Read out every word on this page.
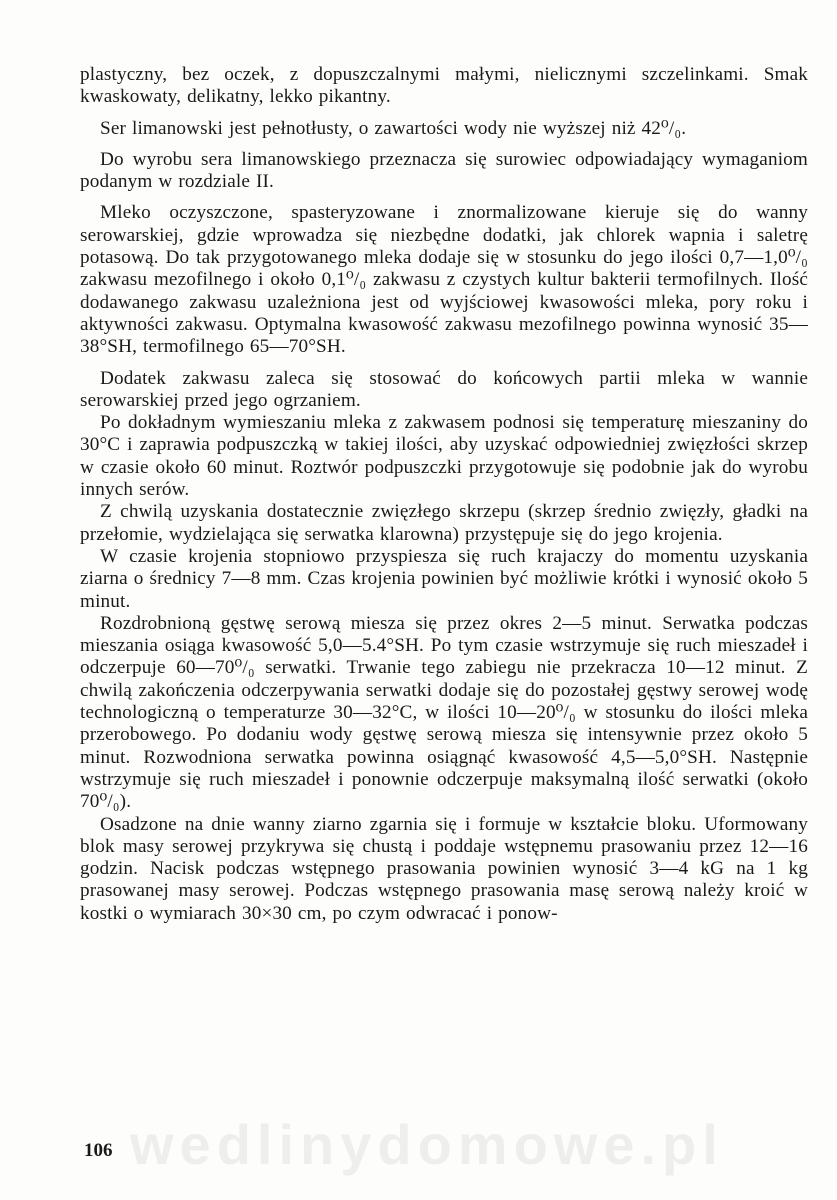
plastyczny, bez oczek, z dopuszczalnymi małymi, nielicznymi szczelinkami. Smak kwaskowaty, delikatny, lekko pikantny.

Ser limanowski jest pełnotłusty, o zawartości wody nie wyższej niż 42⁰/₀.

Do wyrobu sera limanowskiego przeznacza się surowiec odpowiadający wymaganiom podanym w rozdziale II.

Mleko oczyszczone, spasteryzowane i znormalizowane kieruje się do wanny serowarskiej, gdzie wprowadza się niezbędne dodatki, jak chlorek wapnia i saletrę potasową. Do tak przygotowanego mleka dodaje się w stosunku do jego ilości 0,7—1,0⁰/₀ zakwasu mezofilnego i około 0,1⁰/₀ zakwasu z czystych kultur bakterii termofilnych. Ilość dodawanego zakwasu uzależniona jest od wyjściowej kwasowości mleka, pory roku i aktywności zakwasu. Optymalna kwasowość zakwasu mezofilnego powinna wynosić 35—38°SH, termofilnego 65—70°SH.

Dodatek zakwasu zaleca się stosować do końcowych partii mleka w wannie serowarskiej przed jego ogrzaniem.

Po dokładnym wymieszaniu mleka z zakwasem podnosi się temperaturę mieszaniny do 30°C i zaprawia podpuszczką w takiej ilości, aby uzyskać odpowiedniej zwięzłości skrzep w czasie około 60 minut. Roztwór podpuszczki przygotowuje się podobnie jak do wyrobu innych serów.

Z chwilą uzyskania dostatecznie zwięzłego skrzepu (skrzep średnio zwięzły, gładki na przełomie, wydzielająca się serwatka klarowna) przystępuje się do jego krojenia.

W czasie krojenia stopniowo przyspiesza się ruch krajaczy do momentu uzyskania ziarna o średnicy 7—8 mm. Czas krojenia powinien być możliwie krótki i wynosić około 5 minut.

Rozdrobnioną gęstwę serową miesza się przez okres 2—5 minut. Serwatka podczas mieszania osiąga kwasowość 5,0—5.4°SH. Po tym czasie wstrzymuje się ruch mieszadeł i odczerpuje 60—70⁰/₀ serwatki. Trwanie tego zabiegu nie przekracza 10—12 minut. Z chwilą zakończenia odczerpywania serwatki dodaje się do pozostałej gęstwy serowej wodę technologiczną o temperaturze 30—32°C, w ilości 10—20⁰/₀ w stosunku do ilości mleka przerobowego. Po dodaniu wody gęstwę serową miesza się intensywnie przez około 5 minut. Rozwodniona serwatka powinna osiągnąć kwasowość 4,5—5,0°SH. Następnie wstrzymuje się ruch mieszadeł i ponownie odczerpuje maksymalną ilość serwatki (około 70⁰/₀).

Osadzone na dnie wanny ziarno zgarnia się i formuje w kształcie bloku. Uformowany blok masy serowej przykrywa się chustą i poddaje wstępnemu prasowaniu przez 12—16 godzin. Nacisk podczas wstępnego prasowania powinien wynosić 3—4 kG na 1 kg prasowanej masy serowej. Podczas wstępnego prasowania masę serową należy kroić w kostki o wymiarach 30×30 cm, po czym odwracać i ponow-

wedlinydomowe.pl
106
